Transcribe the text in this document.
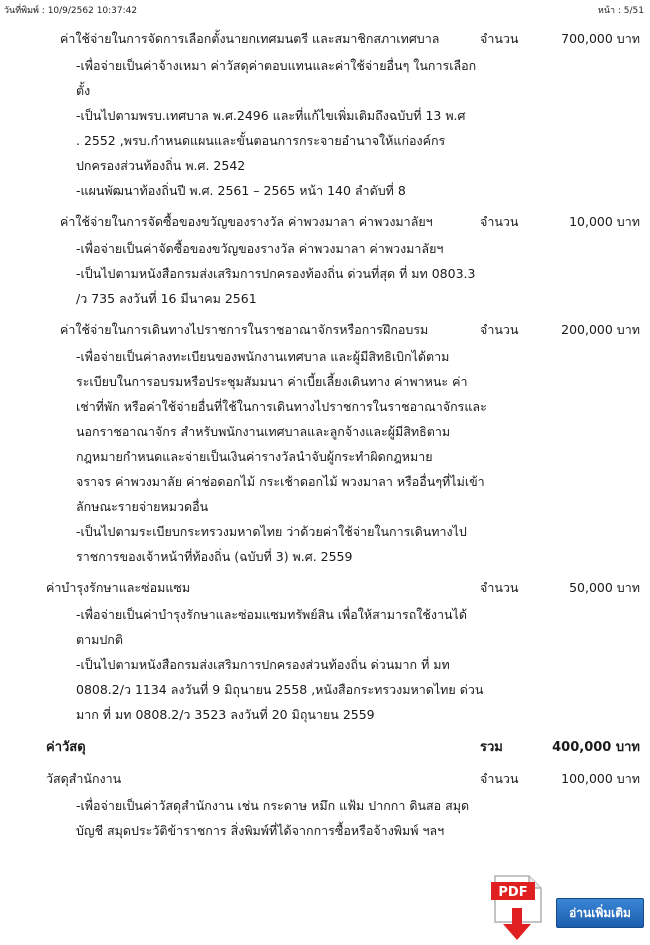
วันที่พิมพ์ : 10/9/2562 10:37:42	หน้า : 5/51
ค่าใช้จ่ายในการจัดการเลือกตั้งนายกเทศมนตรี และสมาชิกสภาเทศบาล	จำนวน	700,000 บาท
-เพื่อจ่ายเป็นค่าจ้างเหมา ค่าวัสดุค่าตอบแทนและค่าใช้จ่ายอื่นๆ ในการเลือก
ตั้ง
-เป็นไปตามพรบ.เทศบาล พ.ศ.2496 และที่แก้ไขเพิ่มเติมถึงฉบับที่ 13 พ.ศ
. 2552 ,พรบ.กำหนดแผนและขั้นตอนการกระจายอำนาจให้แก่องค์กร
ปกครองส่วนท้องถิ่น พ.ศ. 2542
-แผนพัฒนาท้องถิ่นปี พ.ศ. 2561 – 2565 หน้า 140 ลำดับที่ 8
ค่าใช้จ่ายในการจัดซื้อของขวัญของรางวัล ค่าพวงมาลา ค่าพวงมาลัยฯ	จำนวน	10,000 บาท
-เพื่อจ่ายเป็นค่าจัดซื้อของขวัญของรางวัล ค่าพวงมาลา ค่าพวงมาลัยฯ
-เป็นไปตามหนังสือกรมส่งเสริมการปกครองท้องถิ่น ด่วนที่สุด ที่ มท 0803.3
/ว 735 ลงวันที่ 16 มีนาคม 2561
ค่าใช้จ่ายในการเดินทางไปราชการในราชอาณาจักรหรือการฝึกอบรม	จำนวน	200,000 บาท
-เพื่อจ่ายเป็นค่าลงทะเบียนของพนักงานเทศบาล และผู้มีสิทธิเบิกได้ตาม
ระเบียบในการอบรมหรือประชุมสัมมนา ค่าเบี้ยเลี้ยงเดินทาง ค่าพาหนะ ค่า
เช่าที่พัก หรือค่าใช้จ่ายอื่นที่ใช้ในการเดินทางไปราชการในราชอาณาจักรและ
นอกราชอาณาจักร สำหรับพนักงานเทศบาลและลูกจ้างและผู้มีสิทธิตาม
กฎหมายกำหนดและจ่ายเป็นเงินค่ารางวัลนำจับผู้กระทำผิดกฎหมาย
จราจร ค่าพวงมาลัย ค่าช่อดอกไม้ กระเช้าดอกไม้ พวงมาลา หรืออื่นๆที่ไม่เข้า
ลักษณะรายจ่ายหมวดอื่น
-เป็นไปตามระเบียบกระทรวงมหาดไทย ว่าด้วยค่าใช้จ่ายในการเดินทางไป
ราชการของเจ้าหน้าที่ท้องถิ่น (ฉบับที่ 3) พ.ศ. 2559
ค่าบำรุงรักษาและซ่อมแซม	จำนวน	50,000 บาท
-เพื่อจ่ายเป็นค่าบำรุงรักษาและซ่อมแซมทรัพย์สิน เพื่อให้สามารถใช้งานได้
ตามปกติ
-เป็นไปตามหนังสือกรมส่งเสริมการปกครองส่วนท้องถิ่น ด่วนมาก ที่ มท
0808.2/ว 1134 ลงวันที่ 9 มิถุนายน 2558 ,หนังสือกระทรวงมหาดไทย ด่วน
มาก ที่ มท 0808.2/ว 3523 ลงวันที่ 20 มิถุนายน 2559
ค่าวัสดุ	รวม	400,000 บาท
วัสดุสำนักงาน	จำนวน	100,000 บาท
-เพื่อจ่ายเป็นค่าวัสดุสำนักงาน เช่น กระดาษ หมึก แฟ้ม ปากกา ดินสอ สมุด
บัญชี สมุดประวัติข้าราชการ สิ่งพิมพ์ที่ได้จากการซื้อหรือจ้างพิมพ์ ฯลฯ
PDF
อ่านเพิ่มเติม
